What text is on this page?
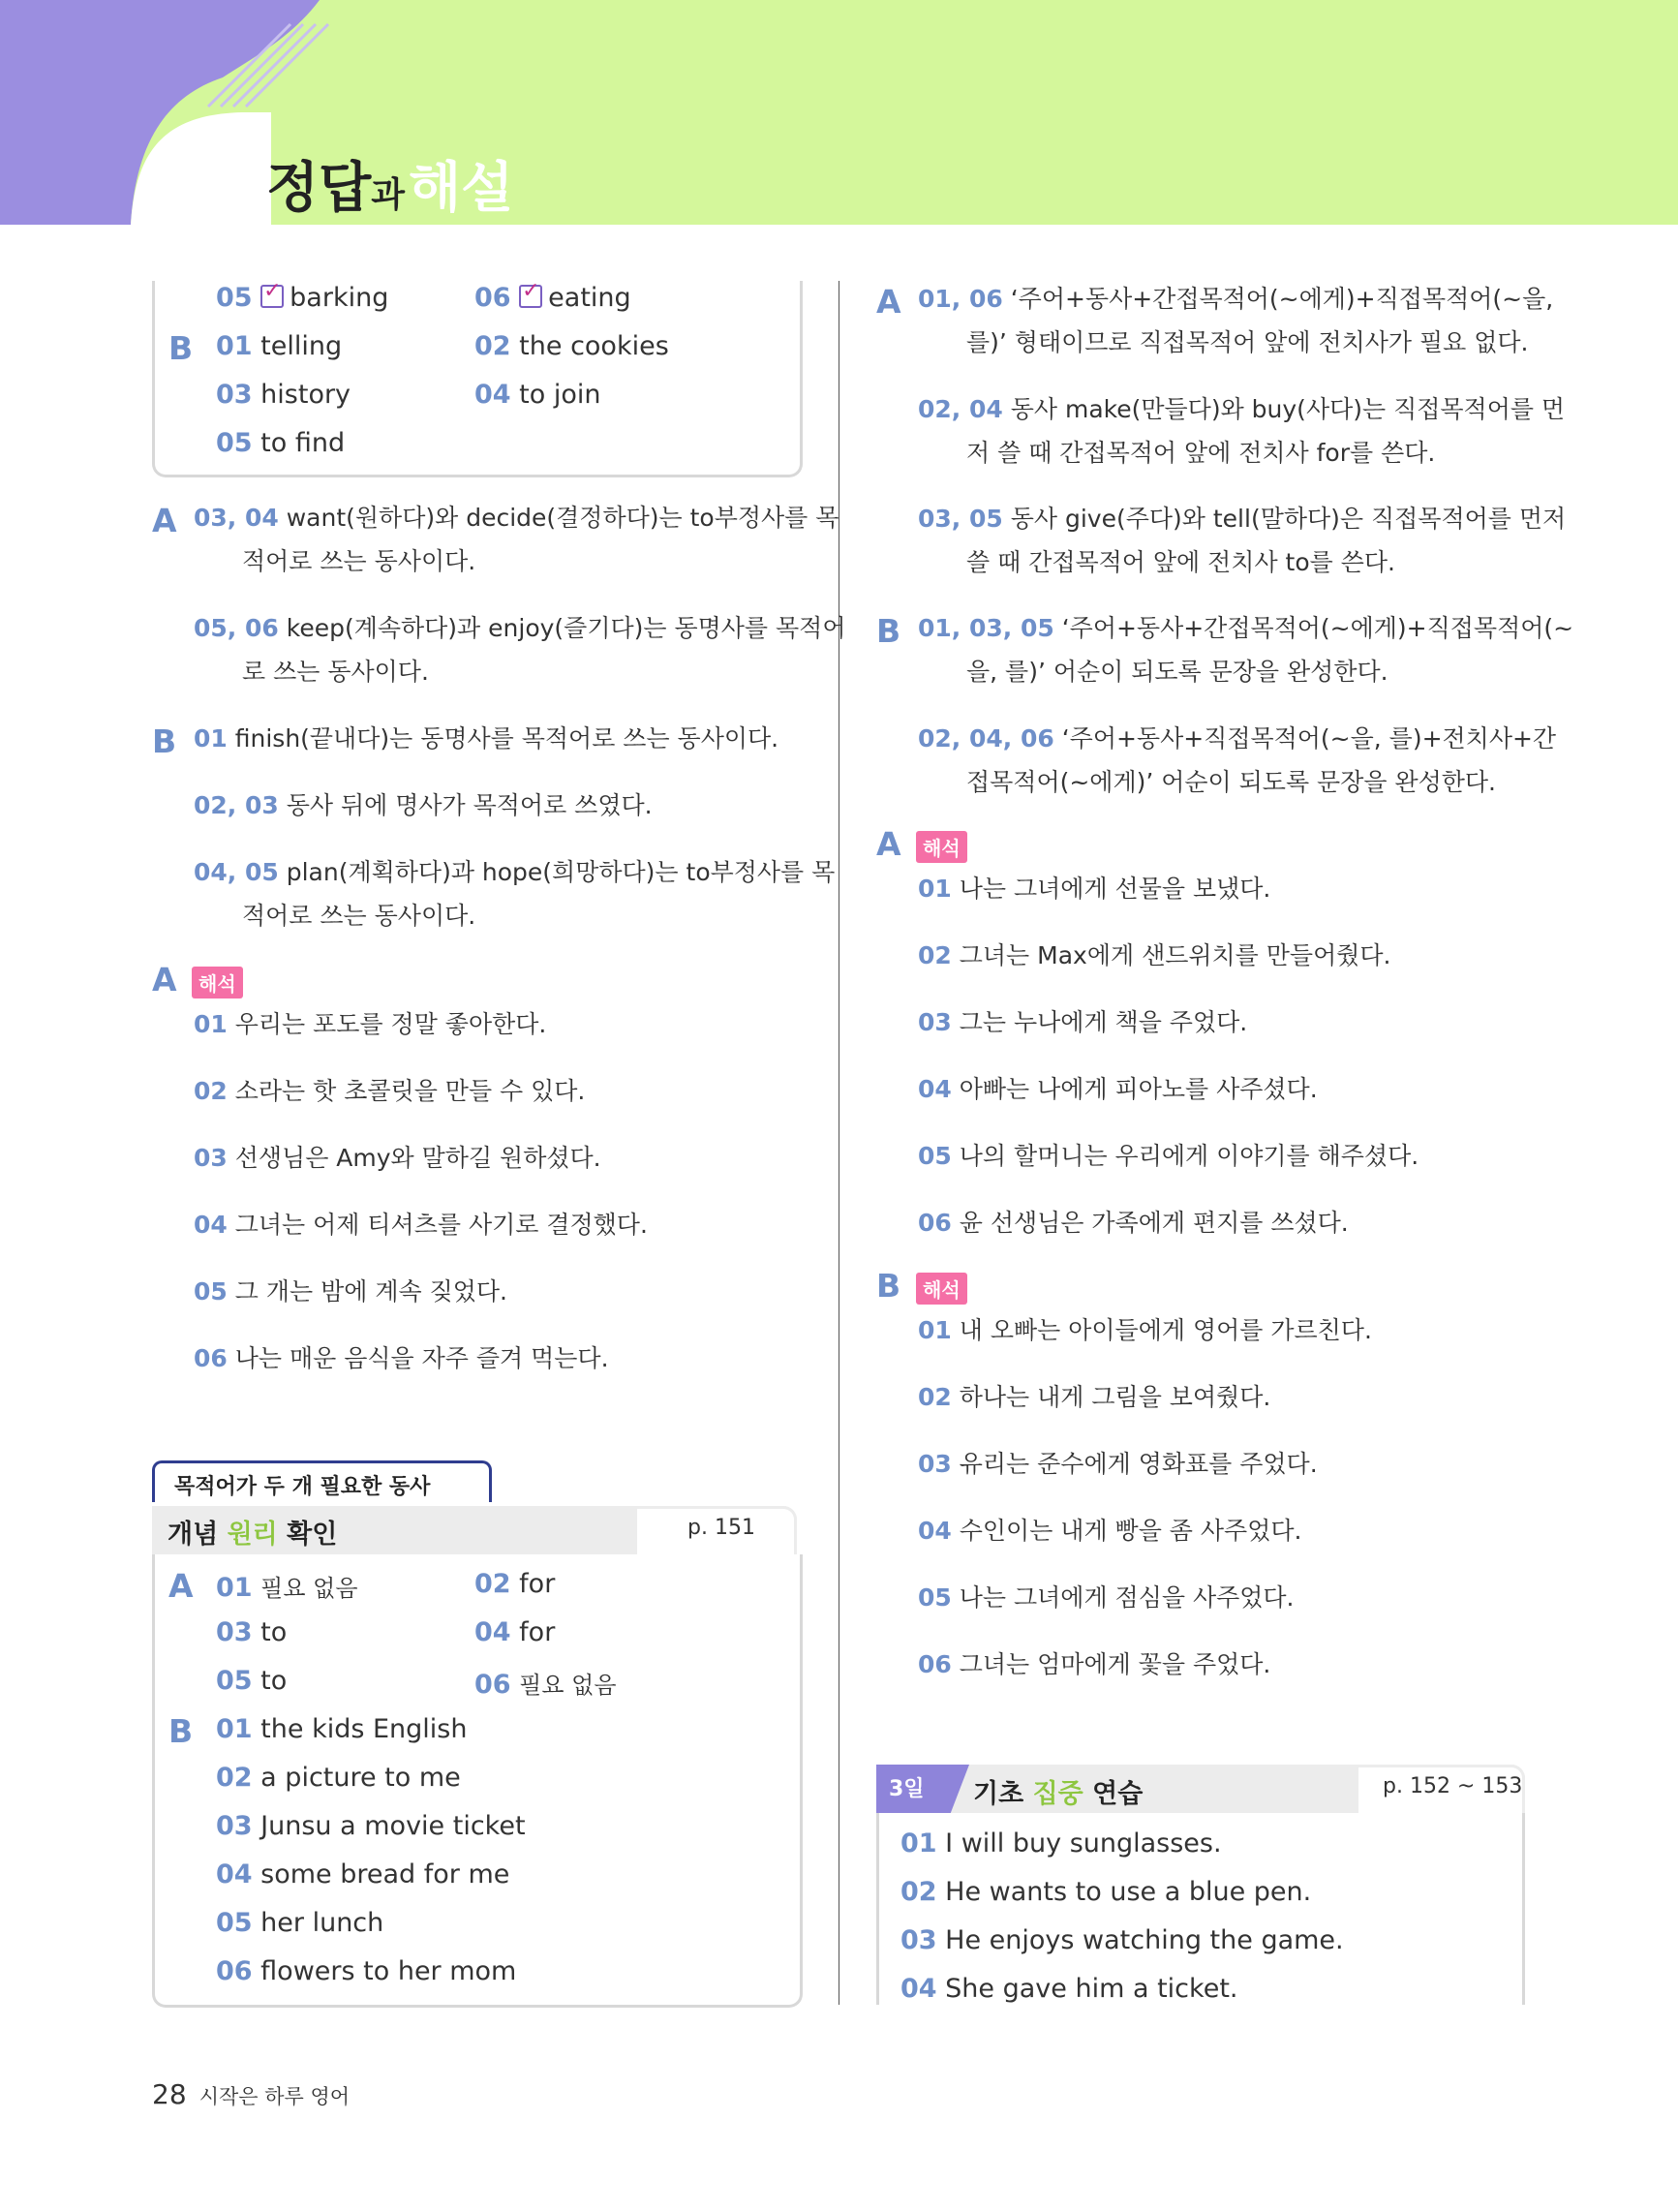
정답과해설
05 ✓ barking	06 ✓ eating
B 01 telling	02 the cookies
03 history	04 to join
05 to find
A 03, 04 want(원하다)와 decide(결정하다)는 to부정사를 목
적어로 쓰는 동사이다.
05, 06 keep(계속하다)과 enjoy(즐기다)는 동명사를 목적어
로 쓰는 동사이다.
B 01 finish(끝내다)는 동명사를 목적어로 쓰는 동사이다.
02, 03 동사 뒤에 명사가 목적어로 쓰였다.
04, 05 plan(계획하다)과 hope(희망하다)는 to부정사를 목
적어로 쓰는 동사이다.
A	해석
01 우리는 포도를 정말 좋아한다.
02 소라는 핫 초콜릿을 만들 수 있다.
03 선생님은 Amy와 말하길 원하셨다.
04 그녀는 어제 티셔츠를 사기로 결정했다.
05 그 개는 밤에 계속 짖었다.
06 나는 매운 음식을 자주 즐겨 먹는다.
목적어가 두 개 필요한 동사
개념 원리 확인	p. 151
A 01 필요 없음	02 for
03 to	04 for
05 to	06 필요 없음
B 01 the kids English
02 a picture to me
03 Junsu a movie ticket
04 some bread for me
05 her lunch
06 flowers to her mom
A 01, 06 ‘주어+동사+간접목적어(~에게)+직접목적어(~을,
를)’ 형태이므로 직접목적어 앞에 전치사가 필요 없다.
02, 04 동사 make(만들다)와 buy(사다)는 직접목적어를 먼
저 쓸 때 간접목적어 앞에 전치사 for를 쓴다.
03, 05 동사 give(주다)와 tell(말하다)은 직접목적어를 먼저
쓸 때 간접목적어 앞에 전치사 to를 쓴다.
B 01, 03, 05 ‘주어+동사+간접목적어(~에게)+직접목적어(~
을, 를)’ 어순이 되도록 문장을 완성한다.
02, 04, 06 ‘주어+동사+직접목적어(~을, 를)+전치사+간
접목적어(~에게)’ 어순이 되도록 문장을 완성한다.
A	해석
01 나는 그녀에게 선물을 보냈다.
02 그녀는 Max에게 샌드위치를 만들어줬다.
03 그는 누나에게 책을 주었다.
04 아빠는 나에게 피아노를 사주셨다.
05 나의 할머니는 우리에게 이야기를 해주셨다.
06 윤 선생님은 가족에게 편지를 쓰셨다.
B	해석
01 내 오빠는 아이들에게 영어를 가르친다.
02 하나는 내게 그림을 보여줬다.
03 유리는 준수에게 영화표를 주었다.
04 수인이는 내게 빵을 좀 사주었다.
05 나는 그녀에게 점심을 사주었다.
06 그녀는 엄마에게 꽃을 주었다.
3일 기초 집중 연습	p. 152 ~ 153
01 I will buy sunglasses.
02 He wants to use a blue pen.
03 He enjoys watching the game.
04 She gave him a ticket.
28 시작은 하루 영어
